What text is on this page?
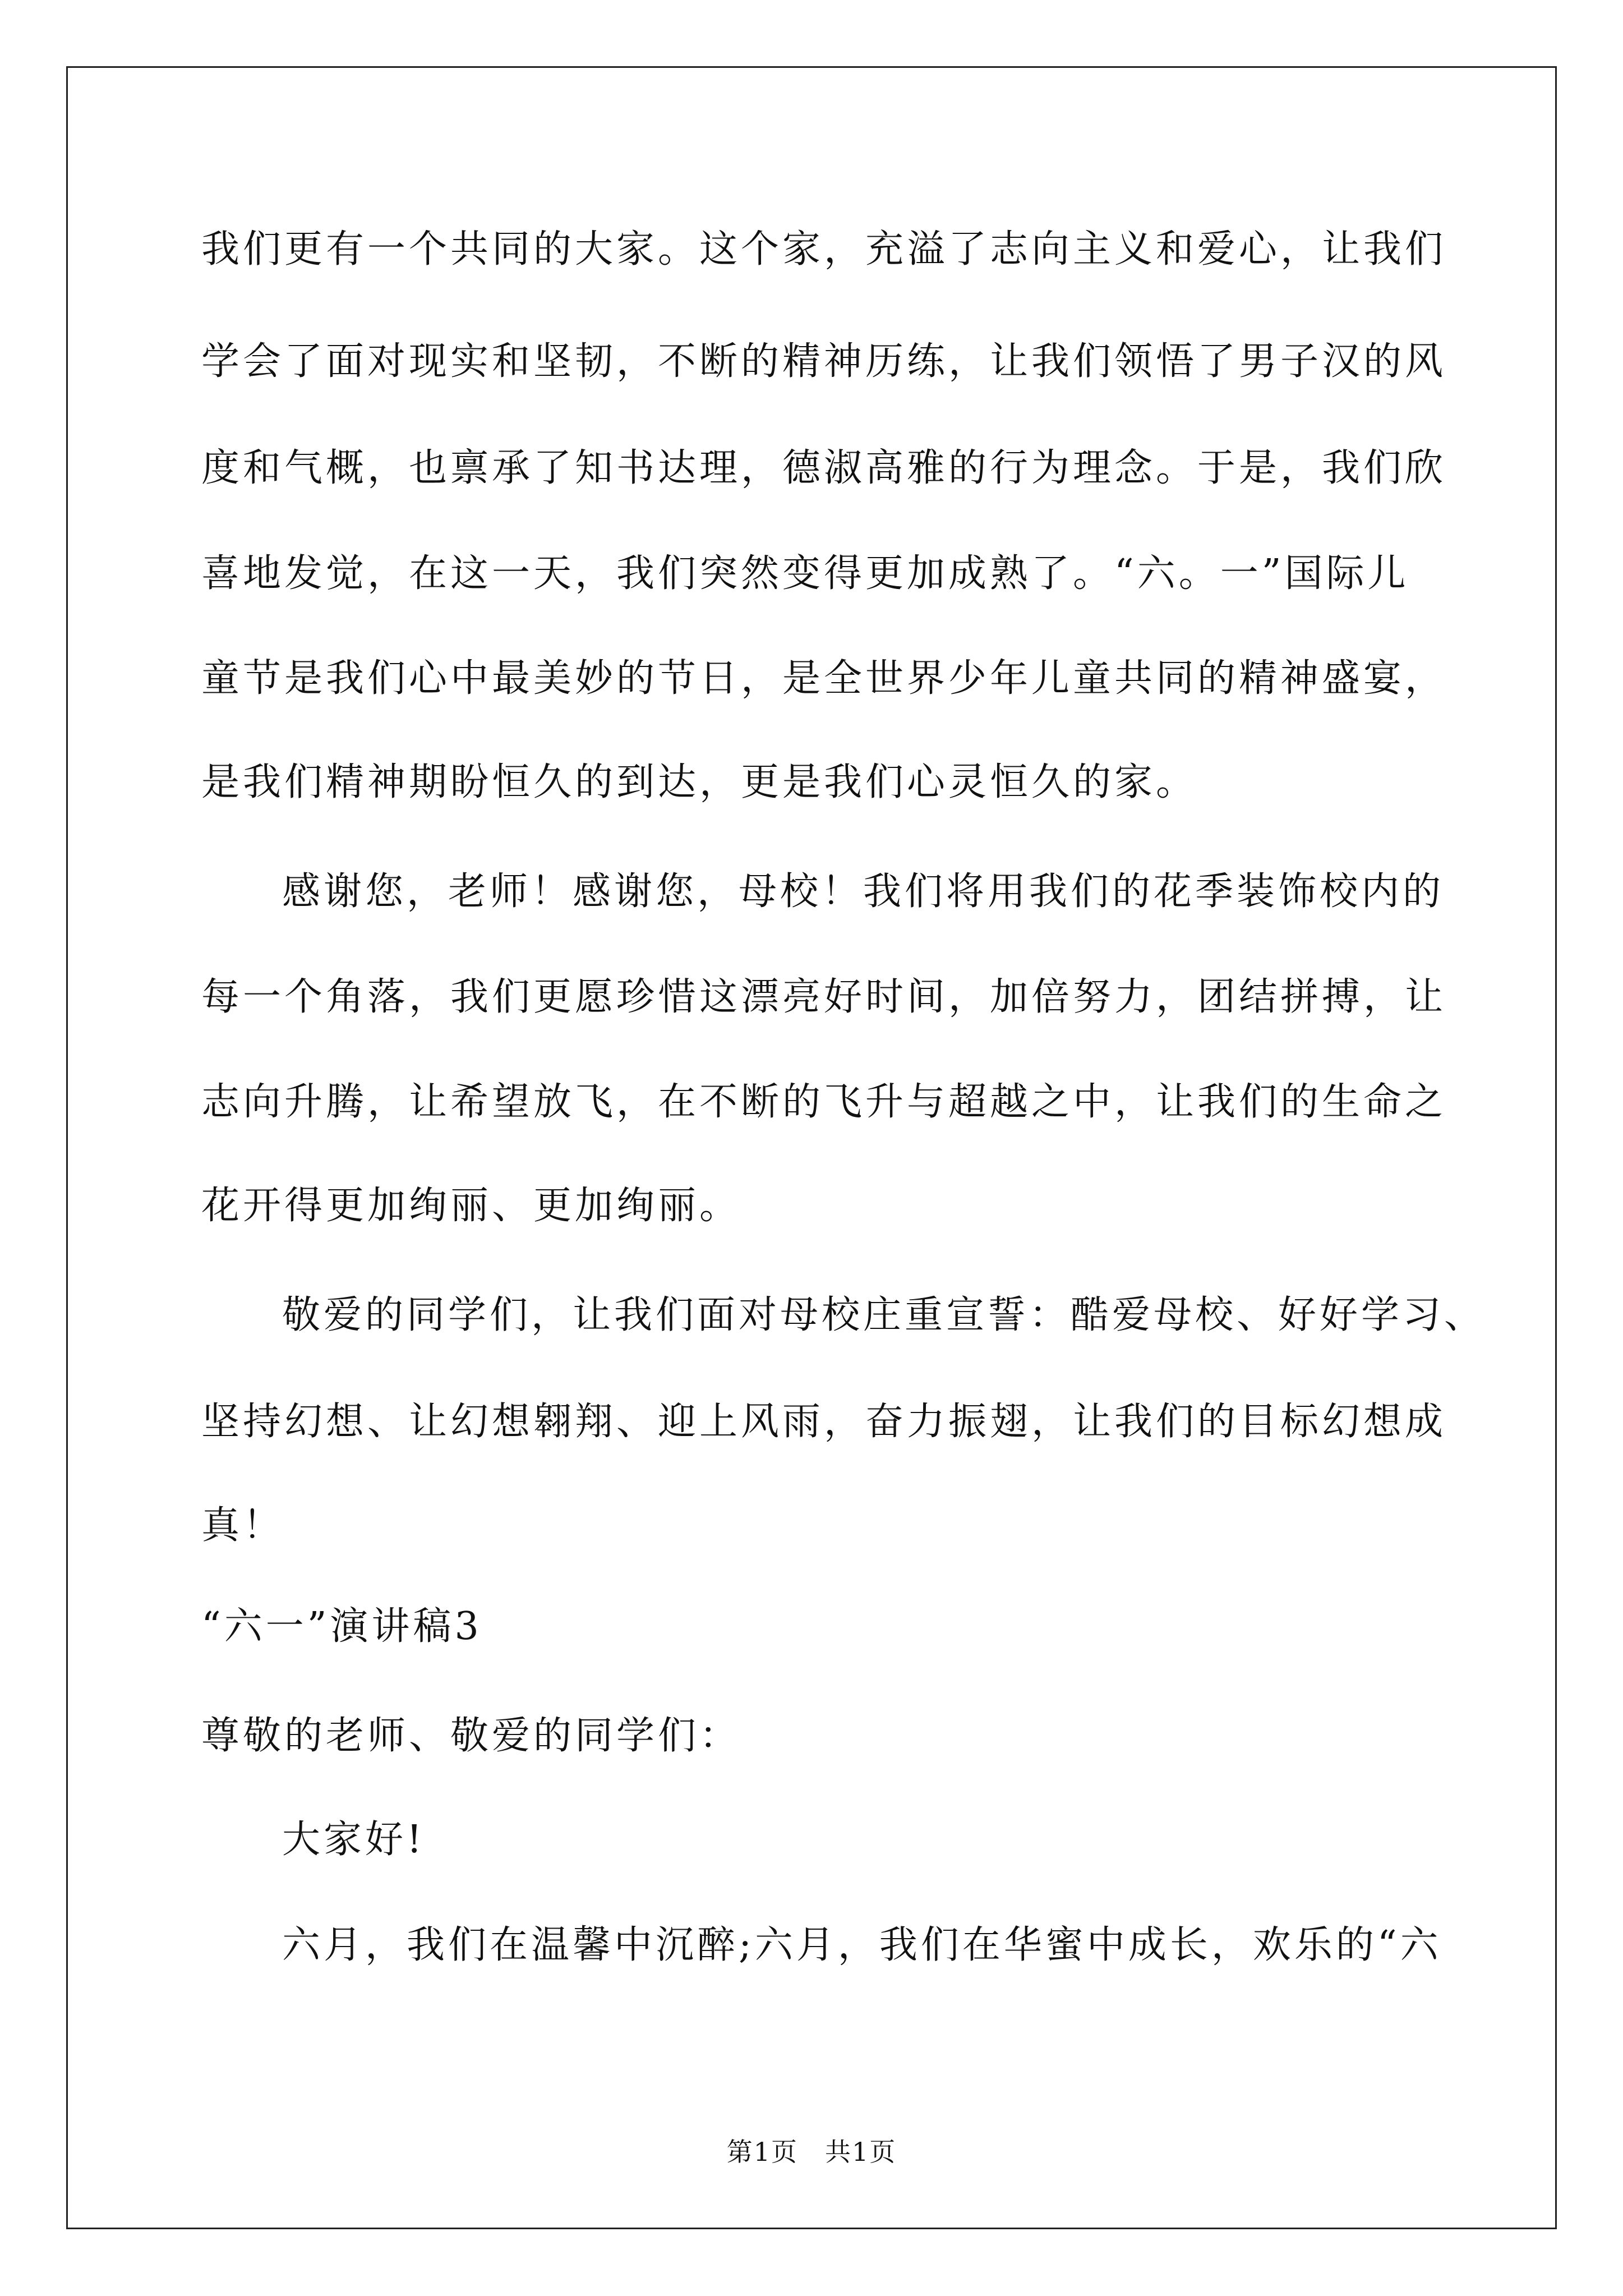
我们更有一个共同的大家。这个家，充溢了志向主义和爱心，让我们
学会了面对现实和坚韧，不断的精神历练，让我们领悟了男子汉的风
度和气概，也禀承了知书达理，德淑高雅的行为理念。于是，我们欣
喜地发觉，在这一天，我们突然变得更加成熟了。“六。一”国际儿
童节是我们心中最美妙的节日，是全世界少年儿童共同的精神盛宴，
是我们精神期盼恒久的到达，更是我们心灵恒久的家。
感谢您，老师！感谢您，母校！我们将用我们的花季装饰校内的
每一个角落，我们更愿珍惜这漂亮好时间，加倍努力，团结拼搏，让
志向升腾，让希望放飞，在不断的飞升与超越之中，让我们的生命之
花开得更加绚丽、更加绚丽。
敬爱的同学们，让我们面对母校庄重宣誓：酷爱母校、好好学习、
坚持幻想、让幻想翱翔、迎上风雨，奋力振翅，让我们的目标幻想成
真！
“六一”演讲稿3
尊敬的老师、敬爱的同学们：
大家好!
六月，我们在温馨中沉醉;六月，我们在华蜜中成长，欢乐的“六
第1页　共1页
